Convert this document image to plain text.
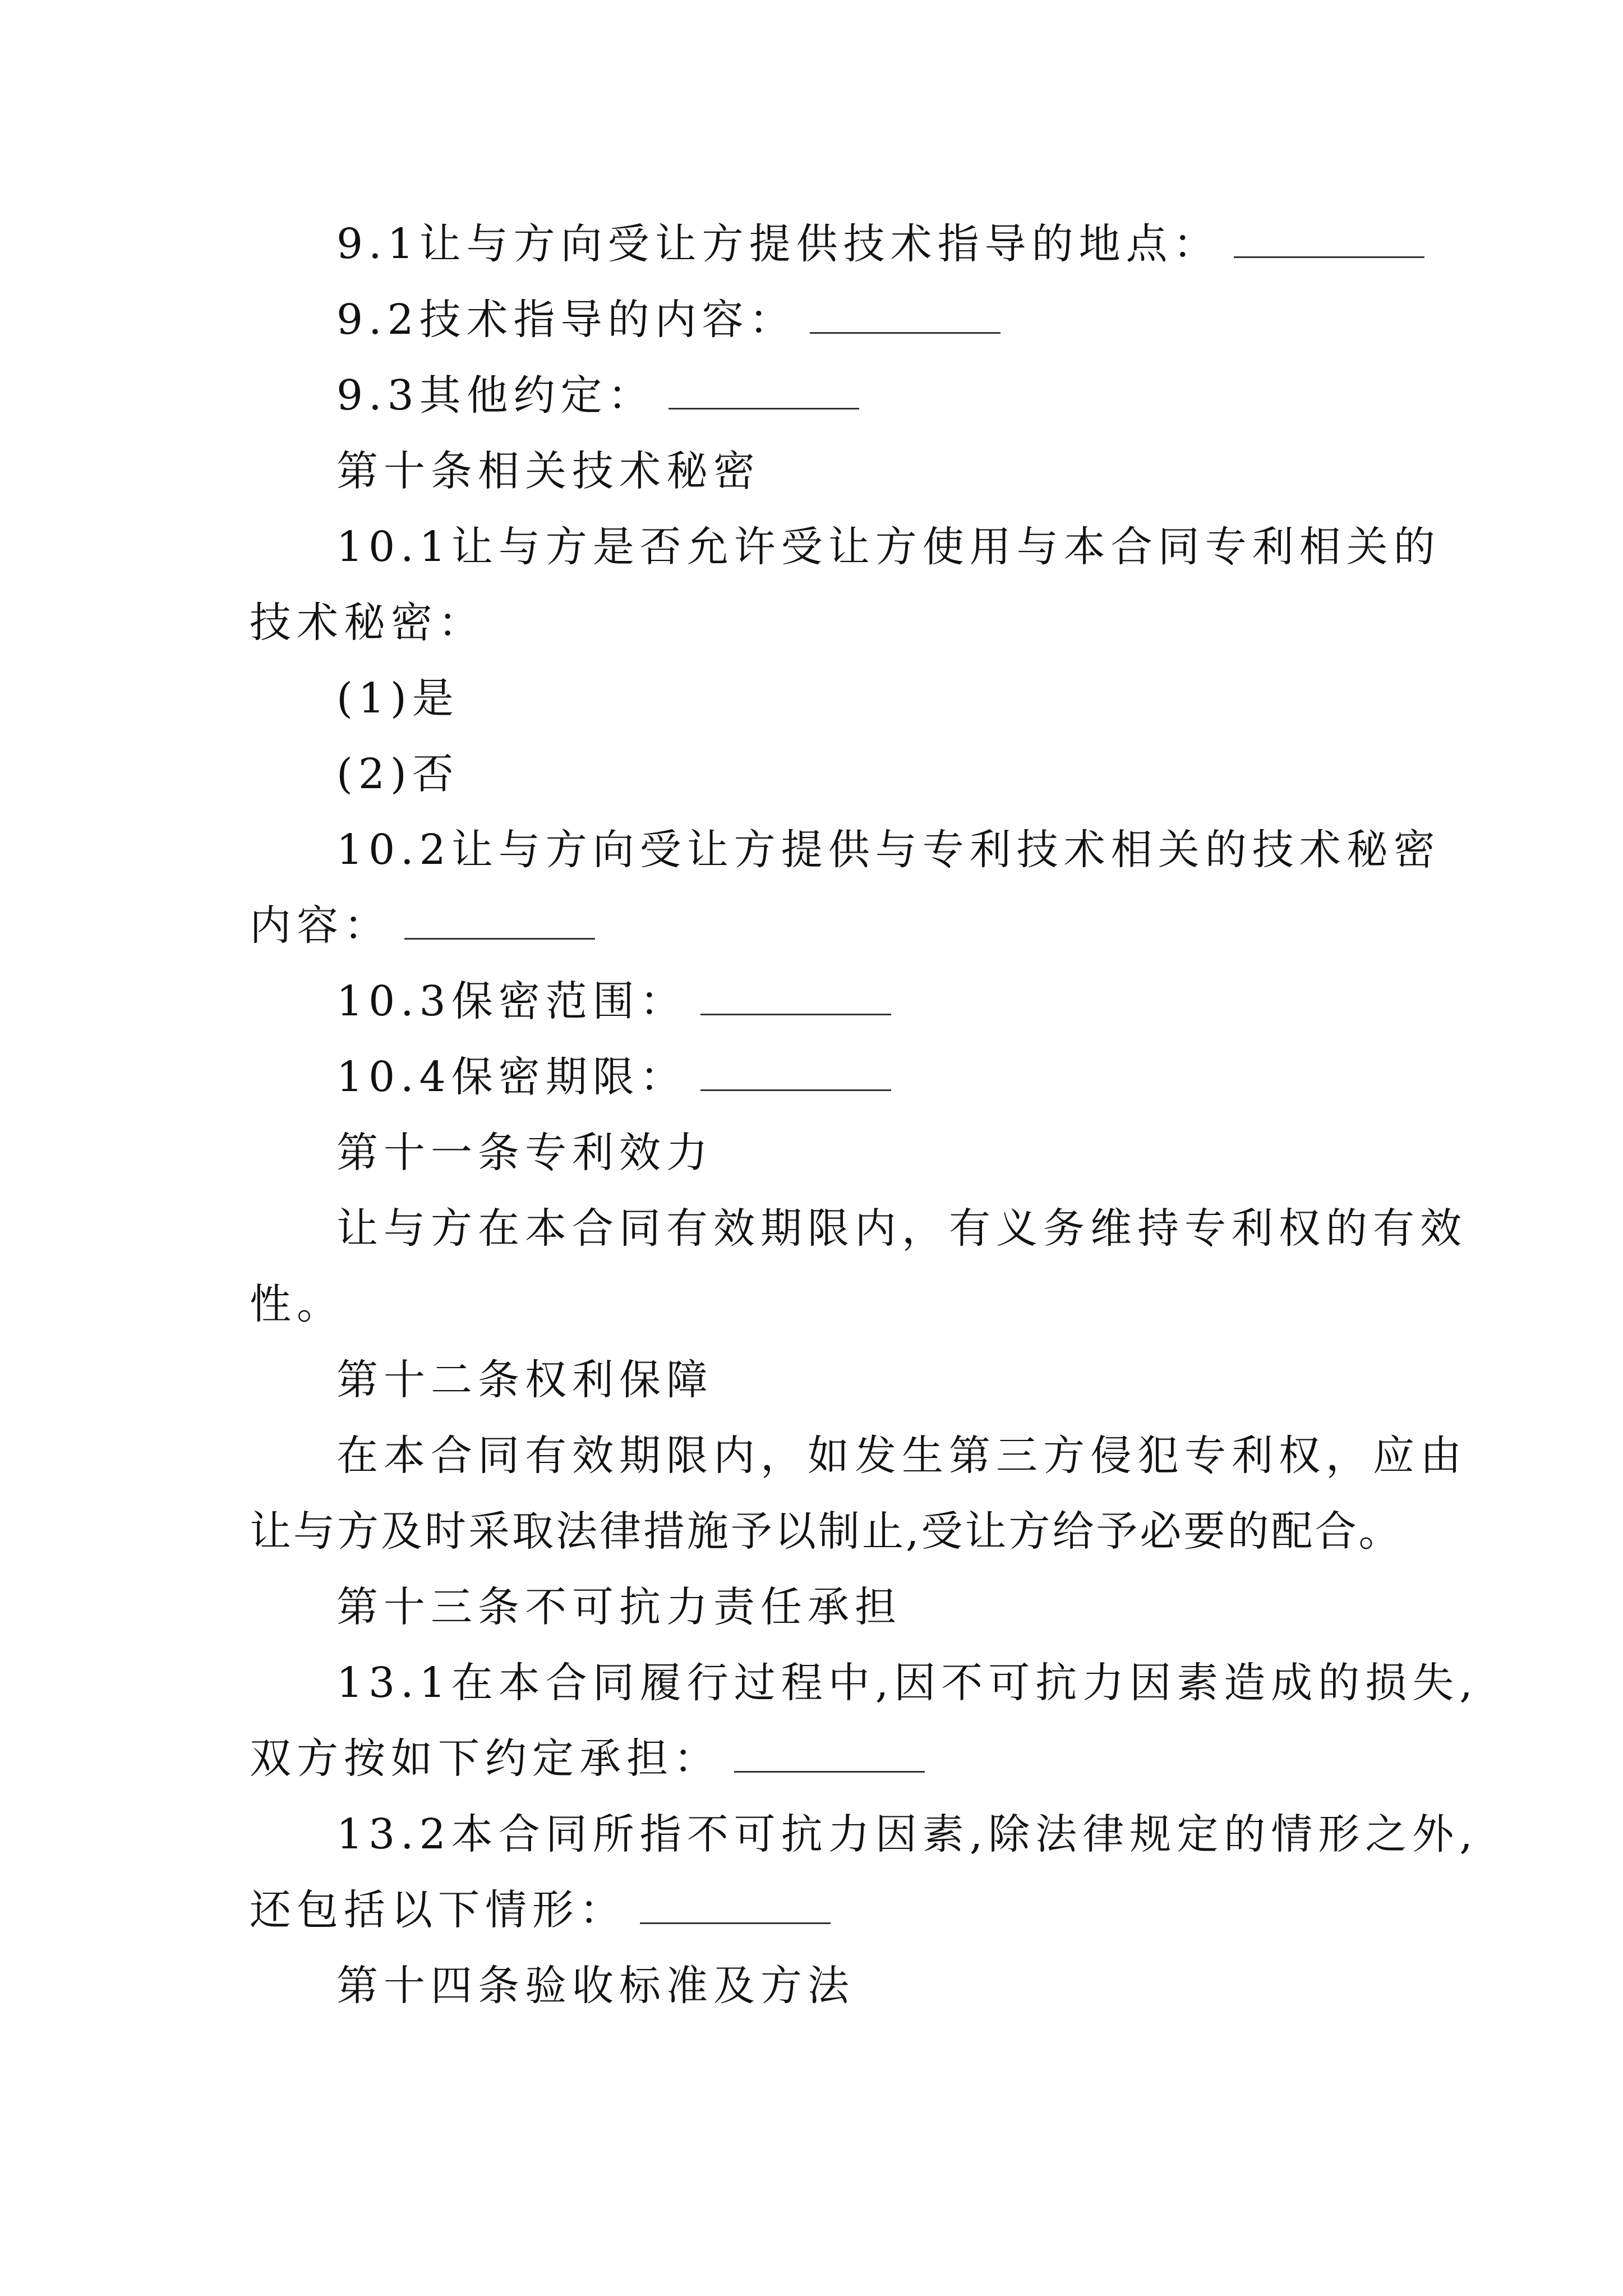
9.1让与方向受让方提供技术指导的地点：
9.2技术指导的内容：
9.3其他约定：
第十条相关技术秘密
10.1让与方是否允许受让方使用与本合同专利相关的
技术秘密：
(1)是
(2)否
10.2让与方向受让方提供与专利技术相关的技术秘密
内容：
10.3保密范围：
10.4保密期限：
第十一条专利效力
让与方在本合同有效期限内，有义务维持专利权的有效
性。
第十二条权利保障
在本合同有效期限内，如发生第三方侵犯专利权，应由
让与方及时采取法律措施予以制止,受让方给予必要的配合。
第十三条不可抗力责任承担
13.1在本合同履行过程中,因不可抗力因素造成的损失,
双方按如下约定承担：
13.2本合同所指不可抗力因素,除法律规定的情形之外,
还包括以下情形：
第十四条验收标准及方法
